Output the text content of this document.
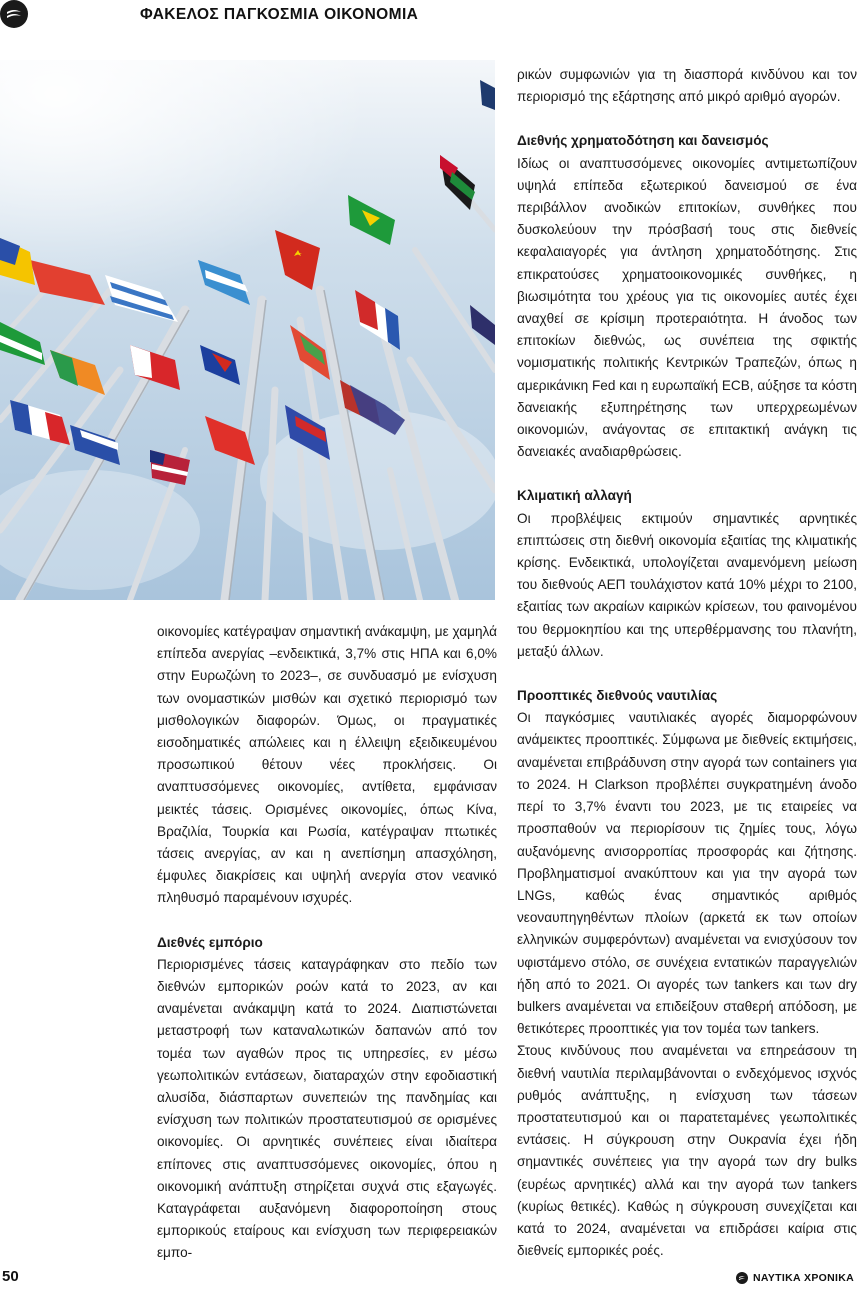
ΦΑΚΕΛΟΣ ΠΑΓΚΟΣΜΙΑ ΟΙΚΟΝΟΜΙΑ

οικονομίες κατέγραψαν σημαντική ανάκαμψη, με χαμηλά επίπεδα ανεργίας –ενδεικτικά, 3,7% στις ΗΠΑ και 6,0% στην Ευρωζώνη το 2023–, σε συνδυασμό με ενίσχυση των ονομαστικών μισθών και σχετικό περιορισμό των μισθολογικών διαφορών. Όμως, οι πραγματικές εισοδηματικές απώλειες και η έλλειψη εξειδικευμένου προσωπικού θέτουν νέες προκλήσεις. Οι αναπτυσσόμενες οικονομίες, αντίθετα, εμφάνισαν μεικτές τάσεις. Ορισμένες οικονομίες, όπως Κίνα, Βραζιλία, Τουρκία και Ρωσία, κατέγραψαν πτωτικές τάσεις ανεργίας, αν και η ανεπίσημη απασχόληση, έμφυλες διακρίσεις και υψηλή ανεργία στον νεανικό πληθυσμό παραμένουν ισχυρές.

Διεθνές εμπόριο

Περιορισμένες τάσεις καταγράφηκαν στο πεδίο των διεθνών εμπορικών ροών κατά το 2023, αν και αναμένεται ανάκαμψη κατά το 2024. Διαπιστώνεται μεταστροφή των καταναλωτικών δαπανών από τον τομέα των αγαθών προς τις υπηρεσίες, εν μέσω γεωπολιτικών εντάσεων, διαταραχών στην εφοδιαστική αλυσίδα, διάσπαρτων συνεπειών της πανδημίας και ενίσχυση των πολιτικών προστατευτισμού σε ορισμένες οικονομίες. Οι αρνητικές συνέπειες είναι ιδιαίτερα επίπονες στις αναπτυσσόμενες οικονομίες, όπου η οικονομική ανάπτυξη στηρίζεται συχνά στις εξαγωγές. Καταγράφεται αυξανόμενη διαφοροποίηση στους εμπορικούς εταίρους και ενίσχυση των περιφερειακών εμπο-

ρικών συμφωνιών για τη διασπορά κινδύνου και τον περιορισμό της εξάρτησης από μικρό αριθμό αγορών.

Διεθνής χρηματοδότηση και δανεισμός

Ιδίως οι αναπτυσσόμενες οικονομίες αντιμετωπίζουν υψηλά επίπεδα εξωτερικού δανεισμού σε ένα περιβάλλον ανοδικών επιτοκίων, συνθήκες που δυσκολεύουν την πρόσβασή τους στις διεθνείς κεφαλαιαγορές για άντληση χρηματοδότησης. Στις επικρατούσες χρηματοοικονομικές συνθήκες, η βιωσιμότητα του χρέους για τις οικονομίες αυτές έχει αναχθεί σε κρίσιμη προτεραιότητα. Η άνοδος των επιτοκίων διεθνώς, ως συνέπεια της σφικτής νομισματικής πολιτικής Κεντρικών Τραπεζών, όπως η αμερικάνικη Fed και η ευρωπαϊκή ECB, αύξησε τα κόστη δανειακής εξυπηρέτησης των υπερχρεωμένων οικονομιών, ανάγοντας σε επιτακτική ανάγκη τις δανειακές αναδιαρθρώσεις.

Κλιματική αλλαγή

Οι προβλέψεις εκτιμούν σημαντικές αρνητικές επιπτώσεις στη διεθνή οικονομία εξαιτίας της κλιματικής κρίσης. Ενδεικτικά, υπολογίζεται αναμενόμενη μείωση του διεθνούς ΑΕΠ τουλάχιστον κατά 10% μέχρι το 2100, εξαιτίας των ακραίων καιρικών κρίσεων, του φαινομένου του θερμοκηπίου και της υπερθέρμανσης του πλανήτη, μεταξύ άλλων.

Προοπτικές διεθνούς ναυτιλίας

Οι παγκόσμιες ναυτιλιακές αγορές διαμορφώνουν ανάμεικτες προοπτικές. Σύμφωνα με διεθνείς εκτιμήσεις, αναμένεται επιβράδυνση στην αγορά των containers για το 2024. Η Clarkson προβλέπει συγκρατημένη άνοδο περί το 3,7% έναντι του 2023, με τις εταιρείες να προσπαθούν να περιορίσουν τις ζημίες τους, λόγω αυξανόμενης ανισορροπίας προσφοράς και ζήτησης. Προβληματισμοί ανακύπτουν και για την αγορά των LNGs, καθώς ένας σημαντικός αριθμός νεοναυπηγηθέντων πλοίων (αρκετά εκ των οποίων ελληνικών συμφερόντων) αναμένεται να ενισχύσουν τον υφιστάμενο στόλο, σε συνέχεια εντατικών παραγγελιών ήδη από το 2021. Οι αγορές των tankers και των dry bulkers αναμένεται να επιδείξουν σταθερή απόδοση, με θετικότερες προοπτικές για τον τομέα των tankers.

Στους κινδύνους που αναμένεται να επηρεάσουν τη διεθνή ναυτιλία περιλαμβάνονται ο ενδεχόμενος ισχνός ρυθμός ανάπτυξης, η ενίσχυση των τάσεων προστατευτισμού και οι παρατεταμένες γεωπολιτικές εντάσεις. Η σύγκρουση στην Ουκρανία έχει ήδη σημαντικές συνέπειες για την αγορά των dry bulks (ευρέως αρνητικές) αλλά και την αγορά των tankers (κυρίως θετικές). Καθώς η σύγκρουση συνεχίζεται και κατά το 2024, αναμένεται να επιδράσει καίρια στις διεθνείς εμπορικές ροές.

50	ΝΑΥΤΙΚΑ ΧΡΟΝΙΚΑ
